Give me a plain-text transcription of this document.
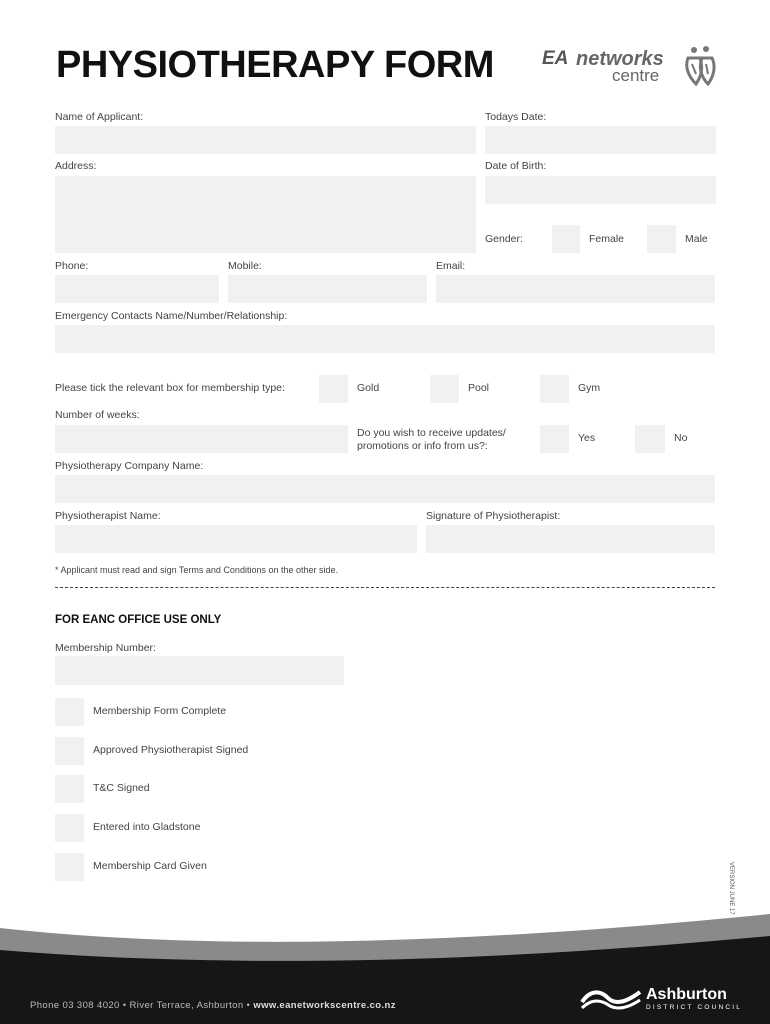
PHYSIOTHERAPY FORM	EA networks
centre
Name of Applicant:	Todays Date:
Address:	Date of Birth:
Gender:	Female	Male
Phone:	Mobile:	Email:
Emergency Contacts Name/Number/Relationship:
Please tick the relevant box for membership type:	Gold	Pool	Gym
Number of weeks:
Do you wish to receive updates/
promotions or info from us?:
Yes	No
Physiotherapy Company Name:
Physiotherapist Name:	Signature of Physiotherapist:
* Applicant must read and sign Terms and Conditions on the other side.
FOR EANC OFFICE USE ONLY
Membership Number:
Membership Form Complete
Approved Physiotherapist Signed
T&C Signed
Entered into Gladstone
Membership Card Given	VERSION JUNE 17
Phone 03 308 4020 • River Terrace, Ashburton • www.eanetworkscentre.co.nz
Ashburton
DISTRICT COUNCIL
